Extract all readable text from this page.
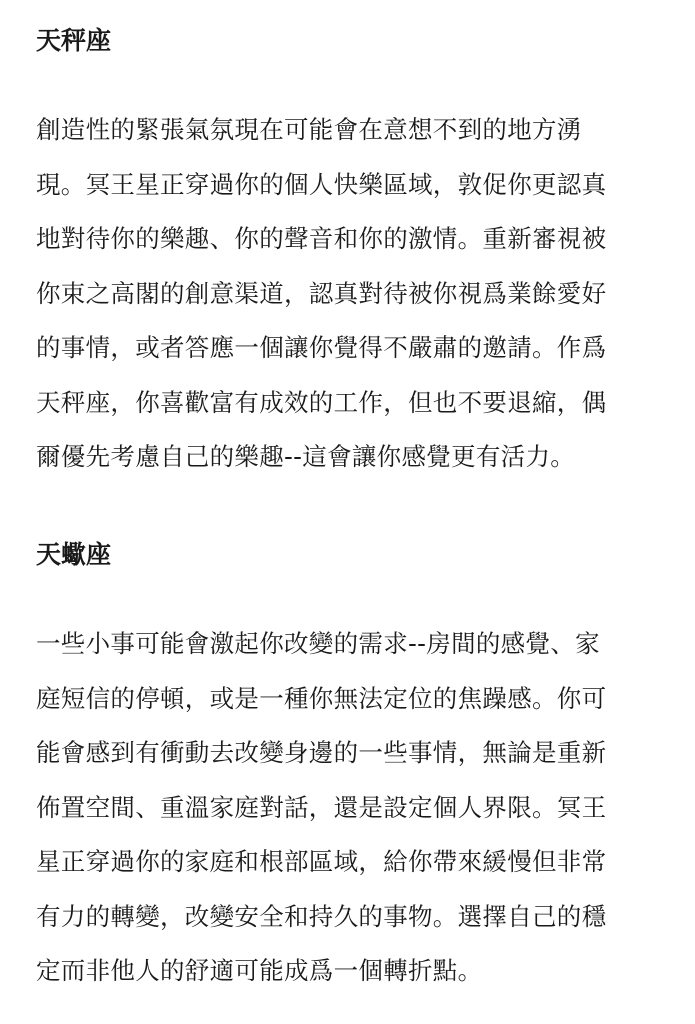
天秤座
創造性的緊張氣氛現在可能會在意想不到的地方湧
現。冥王星正穿過你的個人快樂區域，敦促你更認真
地對待你的樂趣、你的聲音和你的激情。重新審視被
你束之高閣的創意渠道，認真對待被你視爲業餘愛好
的事情，或者答應一個讓你覺得不嚴肅的邀請。作爲
天秤座，你喜歡富有成效的工作，但也不要退縮，偶
爾優先考慮自己的樂趣--這會讓你感覺更有活力。
天蠍座
一些小事可能會激起你改變的需求--房間的感覺、家
庭短信的停頓，或是一種你無法定位的焦躁感。你可
能會感到有衝動去改變身邊的一些事情，無論是重新
佈置空間、重溫家庭對話，還是設定個人界限。冥王
星正穿過你的家庭和根部區域，給你帶來緩慢但非常
有力的轉變，改變安全和持久的事物。選擇自己的穩
定而非他人的舒適可能成爲一個轉折點。
